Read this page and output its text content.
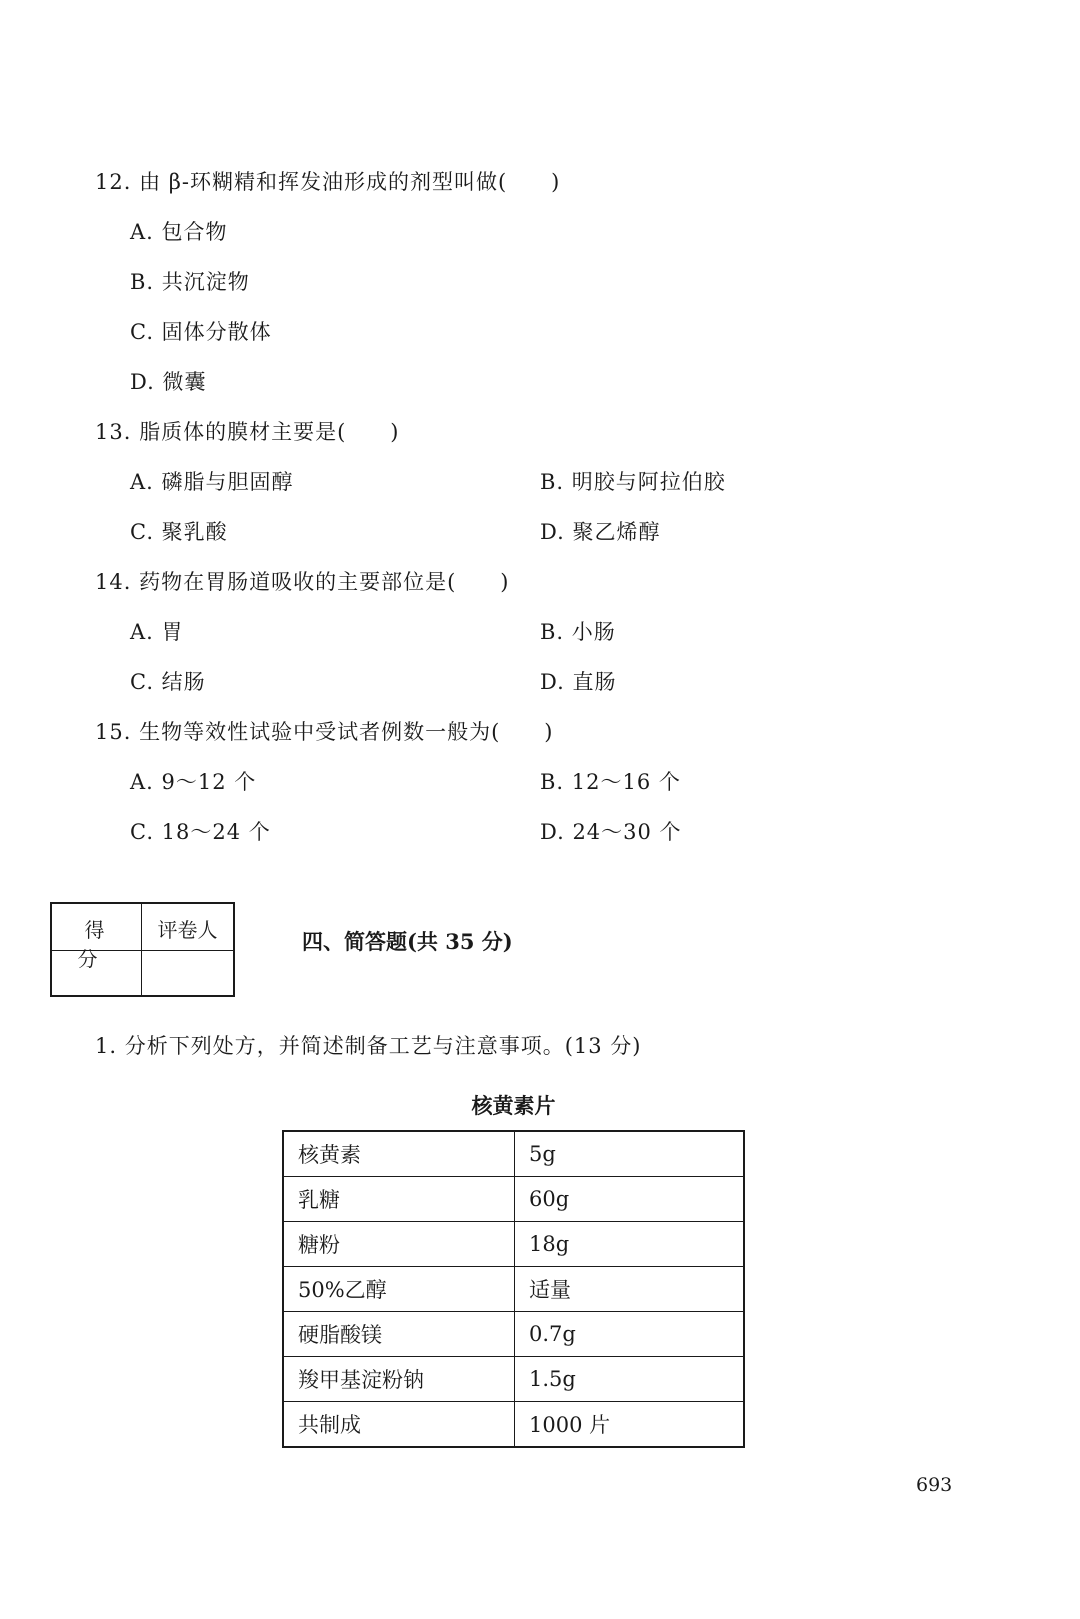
12. 由 β-环糊精和挥发油形成的剂型叫做(　　)
A. 包合物
B. 共沉淀物
C. 固体分散体
D. 微囊
13. 脂质体的膜材主要是(　　)
A. 磷脂与胆固醇	B. 明胶与阿拉伯胶
C. 聚乳酸	D. 聚乙烯醇
14. 药物在胃肠道吸收的主要部位是(　　)
A. 胃	B. 小肠
C. 结肠	D. 直肠
15. 生物等效性试验中受试者例数一般为(　　)
A. 9～12 个	B. 12～16 个
C. 18～24 个	D. 24～30 个
得分
评卷人	四、简答题(共 35 分)
1. 分析下列处方，并简述制备工艺与注意事项。(13 分)
核黄素片
核黄素	5g
乳糖	60g
糖粉	18g
50%乙醇	适量
硬脂酸镁	0.7g
羧甲基淀粉钠	1.5g
共制成	1000 片
693
